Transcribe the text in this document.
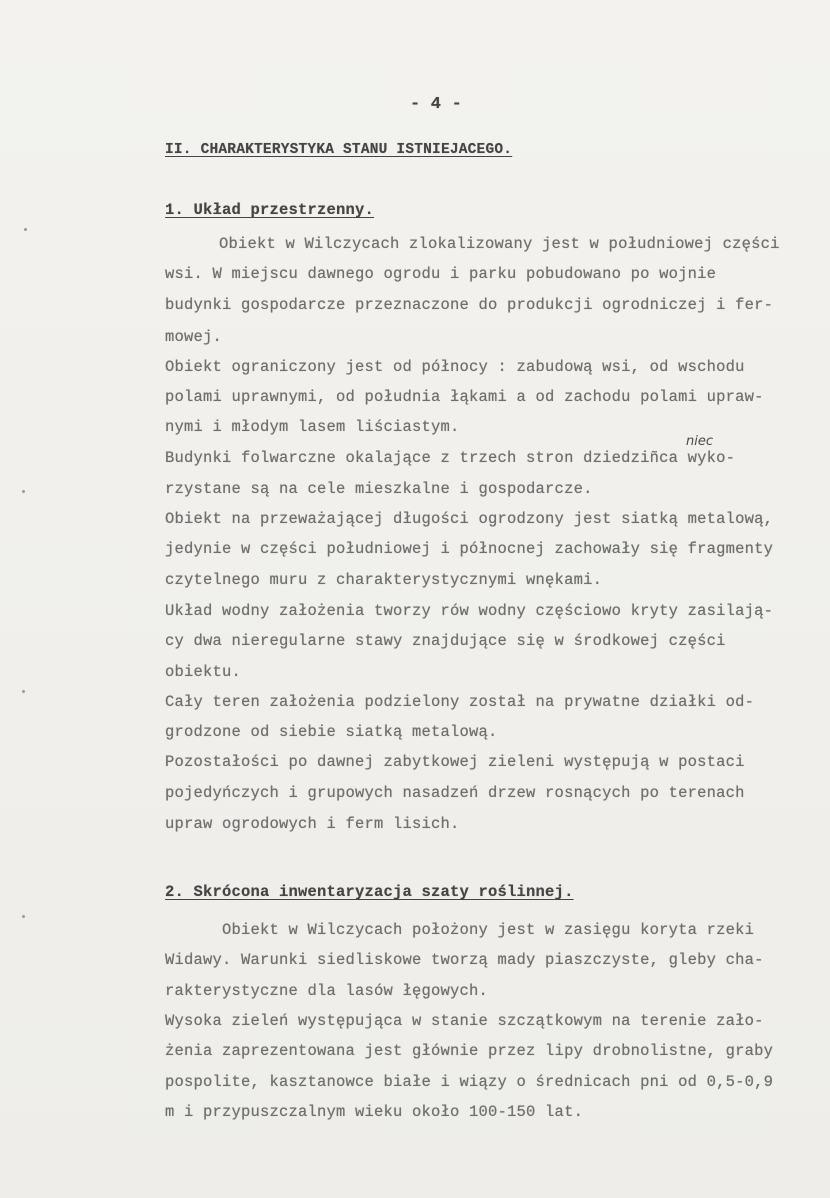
- 4 -
II. CHARAKTERYSTYKA STANU ISTNIEJACEGO.
1. Układ przestrzenny.
Obiekt w Wilczycach zlokalizowany jest w południowej części
wsi. W miejscu dawnego ogrodu i parku pobudowano po wojnie
budynki gospodarcze przeznaczone do produkcji ogrodniczej i fer-
mowej.
Obiekt ograniczony jest od północy : zabudową wsi, od wschodu
polami uprawnymi, od południa łąkami a od zachodu polami upraw-
nymi i młodym lasem liściastym.
niec
Budynki folwarczne okalające z trzech stron dziedziñca wyko-
rzystane są na cele mieszkalne i gospodarcze.
Obiekt na przeważającej długości ogrodzony jest siatką metalową,
jedynie w części południowej i północnej zachowały się fragmenty
czytelnego muru z charakterystycznymi wnękami.
Układ wodny założenia tworzy rów wodny częściowo kryty zasilają-
cy dwa nieregularne stawy znajdujące się w środkowej części
obiektu.
Cały teren założenia podzielony został na prywatne działki od-
grodzone od siebie siatką metalową.
Pozostałości po dawnej zabytkowej zieleni występują w postaci
pojedyńczych i grupowych nasadzeń drzew rosnących po terenach
upraw ogrodowych i ferm lisich.
2. Skrócona inwentaryzacja szaty roślinnej.
Obiekt w Wilczycach położony jest w zasięgu koryta rzeki
Widawy. Warunki siedliskowe tworzą mady piaszczyste, gleby cha-
rakterystyczne dla lasów łęgowych.
Wysoka zieleń występująca w stanie szczątkowym na terenie zało-
żenia zaprezentowana jest głównie przez lipy drobnolistne, graby
pospolite, kasztanowce białe i wiązy o średnicach pni od 0,5-0,9
m i przypuszczalnym wieku około 100-150 lat.
